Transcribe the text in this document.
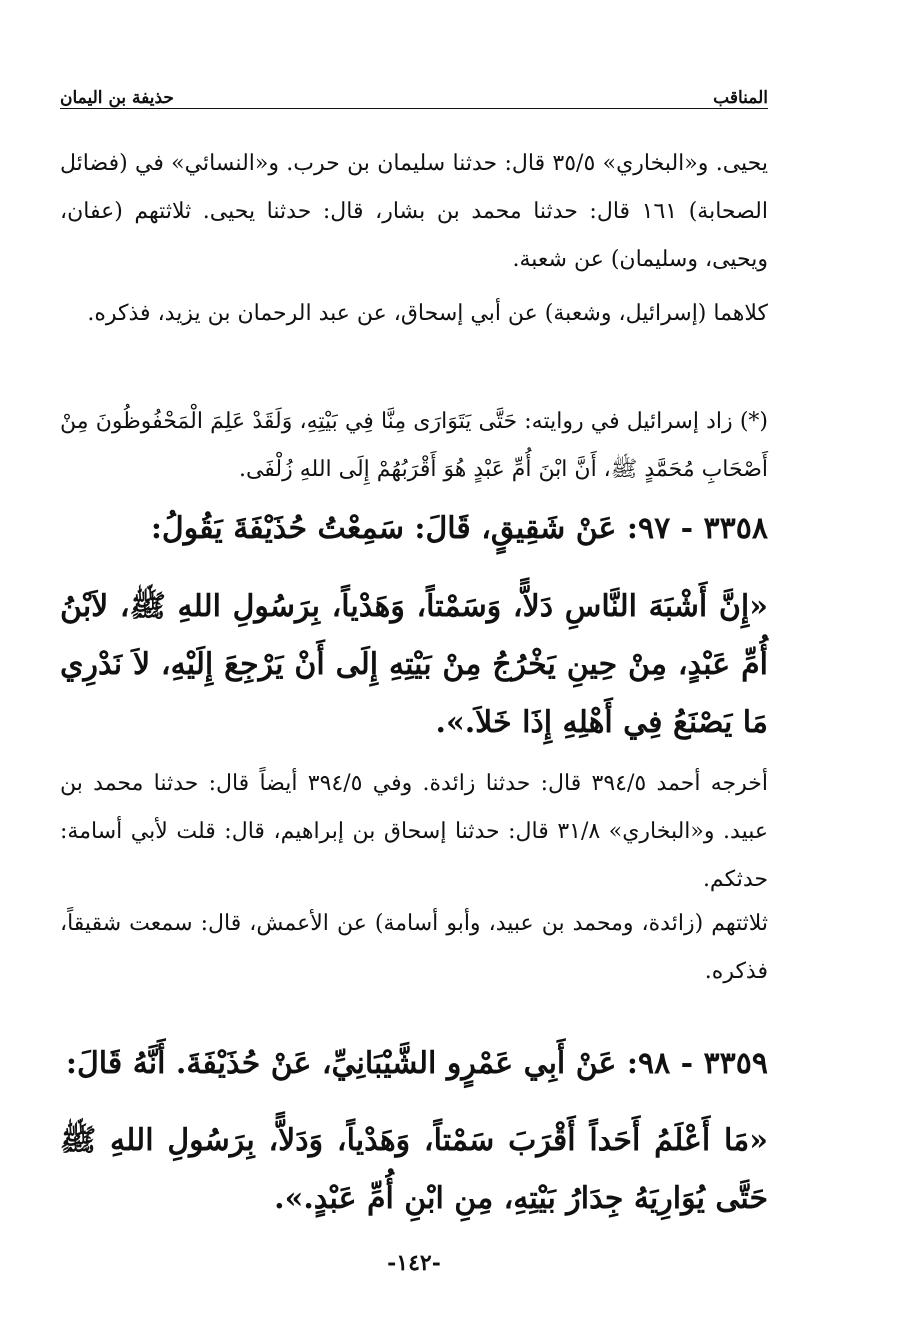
المناقب
حذيفة بن اليمان
يحيى. و«البخاري» ٣٥/٥ قال: حدثنا سليمان بن حرب. و«النسائي» في (فضائل الصحابة) ١٦١ قال: حدثنا محمد بن بشار، قال: حدثنا يحيى. ثلاثتهم (عفان، ويحيى، وسليمان) عن شعبة.
كلاهما (إسرائيل، وشعبة) عن أبي إسحاق، عن عبد الرحمان بن يزيد، فذكره.
(*) زاد إسرائيل في روايته: حَتَّى يَتَوَارَى مِنَّا فِي بَيْتِهِ، وَلَقَدْ عَلِمَ الْمَحْفُوظُونَ مِنْ أَصْحَابِ مُحَمَّدٍ ﷺ، أَنَّ ابْنَ أُمِّ عَبْدٍ هُوَ أَقْرَبُهُمْ إِلَى اللهِ زُلْفَى.
٣٣٥٨ - ٩٧: عَنْ شَقِيقٍ، قَالَ: سَمِعْتُ حُذَيْفَةَ يَقُولُ:
«إِنَّ أَشْبَهَ النَّاسِ دَلاًّ، وَسَمْتاً، وَهَدْياً، بِرَسُولِ اللهِ ﷺ، لاَبْنُ أُمِّ عَبْدٍ، مِنْ حِينِ يَخْرُجُ مِنْ بَيْتِهِ إِلَى أَنْ يَرْجِعَ إِلَيْهِ، لاَ نَدْرِي مَا يَصْنَعُ فِي أَهْلِهِ إِذَا خَلاَ.».
أخرجه أحمد ٣٩٤/٥ قال: حدثنا زائدة. وفي ٣٩٤/٥ أيضاً قال: حدثنا محمد بن عبيد. و«البخاري» ٣١/٨ قال: حدثنا إسحاق بن إبراهيم، قال: قلت لأبي أسامة: حدثكم.
ثلاثتهم (زائدة، ومحمد بن عبيد، وأبو أسامة) عن الأعمش، قال: سمعت شقيقاً، فذكره.
٣٣٥٩ - ٩٨: عَنْ أَبِي عَمْرٍو الشَّيْبَانِيِّ، عَنْ حُذَيْفَةَ. أَنَّهُ قَالَ:
«مَا أَعْلَمُ أَحَداً أَقْرَبَ سَمْتاً، وَهَدْياً، وَدَلاًّ، بِرَسُولِ اللهِ ﷺ حَتَّى يُوَارِيَهُ جِدَارُ بَيْتِهِ، مِنِ ابْنِ أُمِّ عَبْدٍ.».
-١٤٢-
